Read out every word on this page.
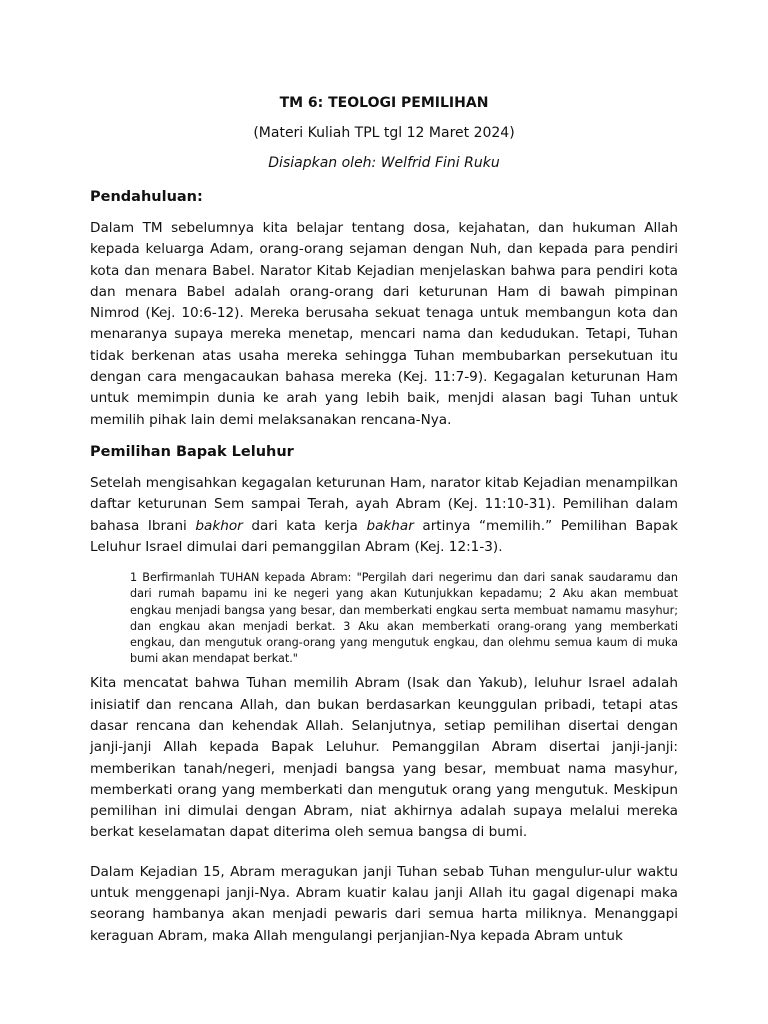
TM 6: TEOLOGI PEMILIHAN
(Materi Kuliah TPL tgl 12 Maret 2024)
Disiapkan oleh: Welfrid Fini Ruku
Pendahuluan:
Dalam TM sebelumnya kita belajar tentang dosa, kejahatan, dan hukuman Allah kepada keluarga Adam, orang-orang sejaman dengan Nuh, dan kepada para pendiri kota dan menara Babel. Narator Kitab Kejadian menjelaskan bahwa para pendiri kota dan menara Babel adalah orang-orang dari keturunan Ham di bawah pimpinan Nimrod (Kej. 10:6-12). Mereka berusaha sekuat tenaga untuk membangun kota dan menaranya supaya mereka menetap, mencari nama dan kedudukan. Tetapi, Tuhan tidak berkenan atas usaha mereka sehingga Tuhan membubarkan persekutuan itu dengan cara mengacaukan bahasa mereka (Kej. 11:7-9). Kegagalan keturunan Ham untuk memimpin dunia ke arah yang lebih baik, menjdi alasan bagi Tuhan untuk memilih pihak lain demi melaksanakan rencana-Nya.
Pemilihan Bapak Leluhur
Setelah mengisahkan kegagalan keturunan Ham, narator kitab Kejadian menampilkan daftar keturunan Sem sampai Terah, ayah Abram (Kej. 11:10-31). Pemilihan dalam bahasa Ibrani bakhor dari kata kerja bakhar artinya “memilih.” Pemilihan Bapak Leluhur Israel dimulai dari pemanggilan Abram (Kej. 12:1-3).
1 Berfirmanlah TUHAN kepada Abram: "Pergilah dari negerimu dan dari sanak saudaramu dan dari rumah bapamu ini ke negeri yang akan Kutunjukkan kepadamu; 2 Aku akan membuat engkau menjadi bangsa yang besar, dan memberkati engkau serta membuat namamu masyhur; dan engkau akan menjadi berkat. 3 Aku akan memberkati orang-orang yang memberkati engkau, dan mengutuk orang-orang yang mengutuk engkau, dan olehmu semua kaum di muka bumi akan mendapat berkat."
Kita mencatat bahwa Tuhan memilih Abram (Isak dan Yakub), leluhur Israel adalah inisiatif dan rencana Allah, dan bukan berdasarkan keunggulan pribadi, tetapi atas dasar rencana dan kehendak Allah. Selanjutnya, setiap pemilihan disertai dengan janji-janji Allah kepada Bapak Leluhur. Pemanggilan Abram disertai janji-janji: memberikan tanah/negeri, menjadi bangsa yang besar, membuat nama masyhur, memberkati orang yang memberkati dan mengutuk orang yang mengutuk. Meskipun pemilihan ini dimulai dengan Abram, niat akhirnya adalah supaya melalui mereka berkat keselamatan dapat diterima oleh semua bangsa di bumi.
Dalam Kejadian 15, Abram meragukan janji Tuhan sebab Tuhan mengulur-ulur waktu untuk menggenapi janji-Nya. Abram kuatir kalau janji Allah itu gagal digenapi maka seorang hambanya akan menjadi pewaris dari semua harta miliknya. Menanggapi keraguan Abram, maka Allah mengulangi perjanjian-Nya kepada Abram untuk
